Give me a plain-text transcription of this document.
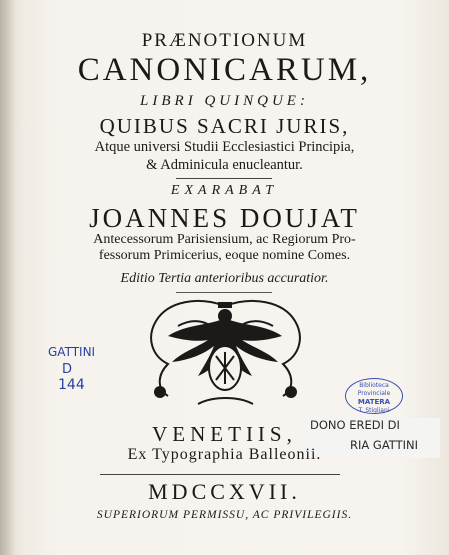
PRÆNOTIONUM
CANONICARUM,
LIBRI QUINQUE:
QUIBUS SACRI JURIS,
Atque universi Studii Ecclesiastici Principia,
& Adminicula enucleantur.
EXARABAT
JOANNES DOUJAT
Antecessorum Parisiensium, ac Regiorum Pro-
fessorum Primicerius, eoque nomine Comes.
Editio Tertia anterioribus accuratior.
GATTINI
D
144	Biblioteca Provinciale
MATERA
T. Stigliani
DONO EREDI DI
RIA GATTINI
VENETIIS,
Ex Typographia Balleonii.
MDCCXVII.
SUPERIORUM PERMISSU, AC PRIVILEGIIS.
